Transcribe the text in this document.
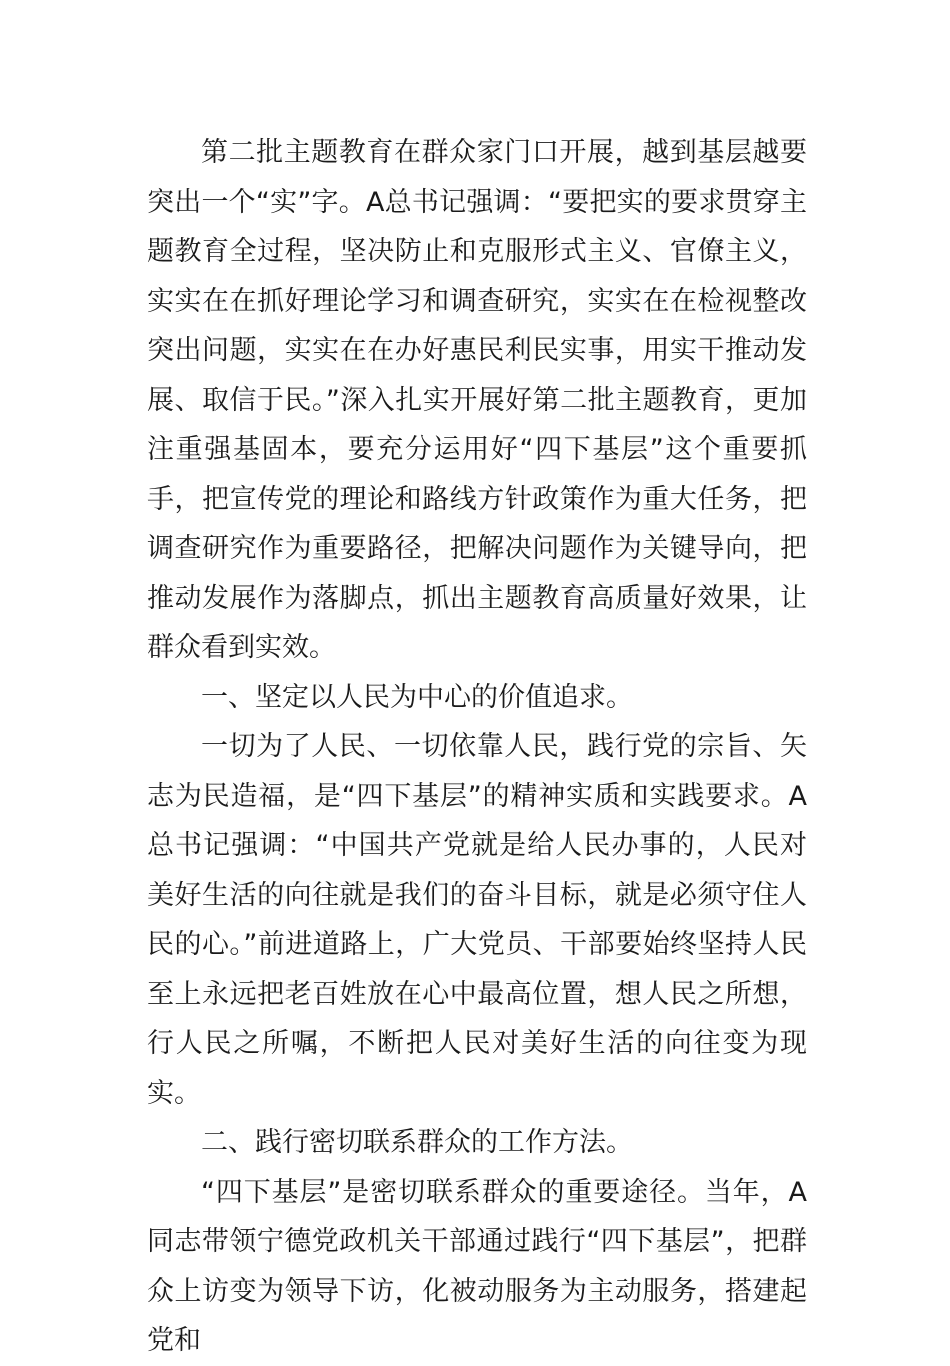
第二批主题教育在群众家门口开展，越到基层越要突出一个“实”字。A总书记强调：“要把实的要求贯穿主题教育全过程，坚决防止和克服形式主义、官僚主义，实实在在抓好理论学习和调查研究，实实在在检视整改突出问题，实实在在办好惠民利民实事，用实干推动发展、取信于民。”深入扎实开展好第二批主题教育，更加注重强基固本，要充分运用好“四下基层”这个重要抓手，把宣传党的理论和路线方针政策作为重大任务，把调查研究作为重要路径，把解决问题作为关键导向，把推动发展作为落脚点，抓出主题教育高质量好效果，让群众看到实效。

一、坚定以人民为中心的价值追求。

一切为了人民、一切依靠人民，践行党的宗旨、矢志为民造福，是“四下基层”的精神实质和实践要求。A总书记强调：“中国共产党就是给人民办事的，人民对美好生活的向往就是我们的奋斗目标，就是必须守住人民的心。”前进道路上，广大党员、干部要始终坚持人民至上永远把老百姓放在心中最高位置，想人民之所想，行人民之所嘱，不断把人民对美好生活的向往变为现实。

二、践行密切联系群众的工作方法。

“四下基层”是密切联系群众的重要途径。当年，A同志带领宁德党政机关干部通过践行“四下基层”，把群众上访变为领导下访，化被动服务为主动服务，搭建起党和
